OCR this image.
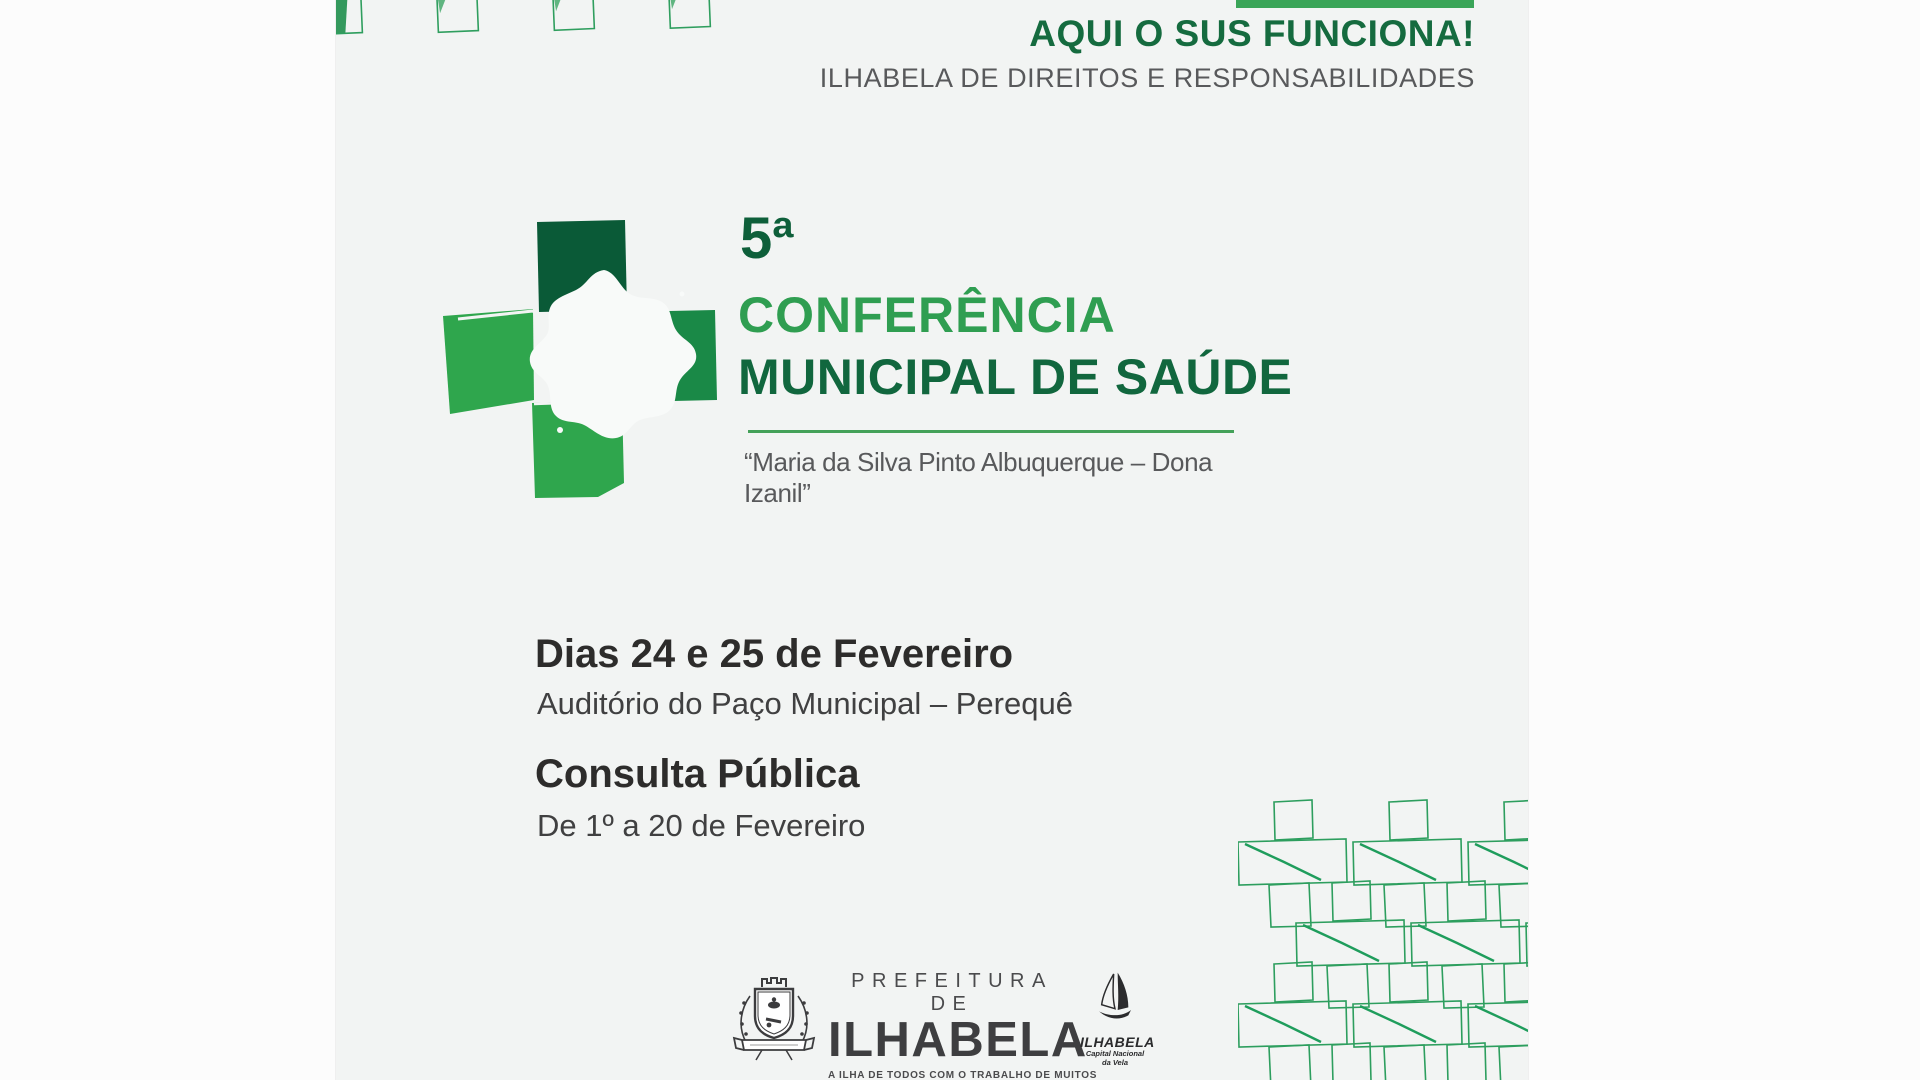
AQUI O SUS FUNCIONA!
ILHABELA DE DIREITOS E RESPONSABILIDADES
5ª
CONFERÊNCIA
MUNICIPAL DE SAÚDE
“Maria da Silva Pinto Albuquerque – Dona Izanil”
Dias 24 e 25 de Fevereiro
Auditório do Paço Municipal – Perequê
Consulta Pública
De 1º a 20 de Fevereiro
PREFEITURA DE
ILHABELA
A ILHA DE TODOS COM O TRABALHO DE MUITOS
ILHABELA
Capital Nacional
da Vela
